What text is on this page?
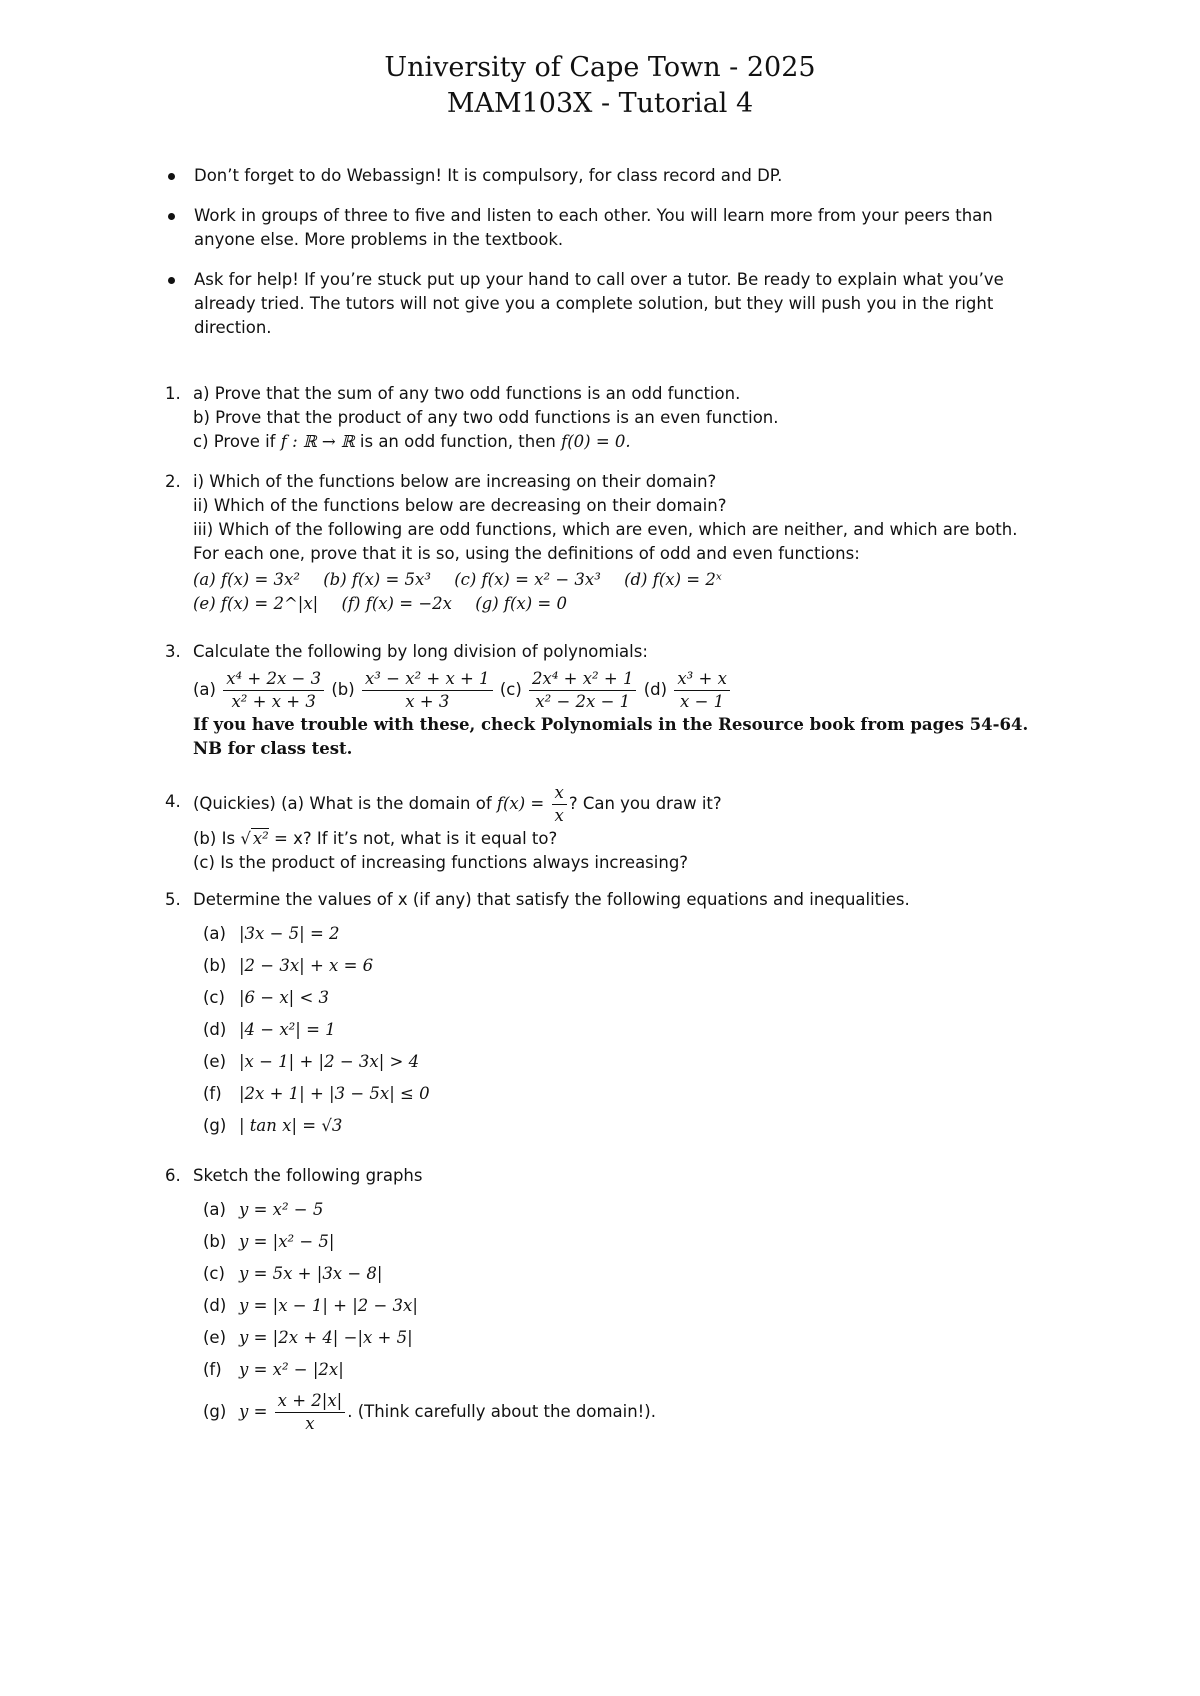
University of Cape Town - 2025
MAM103X - Tutorial 4
Don’t forget to do Webassign! It is compulsory, for class record and DP.
Work in groups of three to five and listen to each other. You will learn more from your peers than anyone else. More problems in the textbook.
Ask for help! If you’re stuck put up your hand to call over a tutor. Be ready to explain what you’ve already tried. The tutors will not give you a complete solution, but they will push you in the right direction.
1. a) Prove that the sum of any two odd functions is an odd function.
b) Prove that the product of any two odd functions is an even function.
c) Prove if f : ℝ → ℝ is an odd function, then f(0) = 0.
2. i) Which of the functions below are increasing on their domain?
ii) Which of the functions below are decreasing on their domain?
iii) Which of the following are odd functions, which are even, which are neither, and which are both. For each one, prove that it is so, using the definitions of odd and even functions:
(a) f(x) = 3x² (b) f(x) = 5x³ (c) f(x) = x² − 3x³ (d) f(x) = 2ˣ
(e) f(x) = 2^|x| (f) f(x) = −2x (g) f(x) = 0
3. Calculate the following by long division of polynomials:
$(a) \frac{\text{x⁴ + 2x − 3}}{\text{x² + x + 3}} (b) \frac{\text{x³ − x² + x + 1}}{x + 3} (c) \frac{\text{2x⁴ + x² + 1}}{\text{x² − 2x − 1}} (d) \frac{\text{x³ + x}}{x - 1}$
If you have trouble with these, check Polynomials in the Resource book from pages 54-64. NB for class test.
4. (Quickies) (a) What is the domain of $f(x) = \frac{x}{x}$ ? Can you draw it?
(b) Is √ x² = x? If it’s not, what is it equal to?
(c) Is the product of increasing functions always increasing?
5. Determine the values of x (if any) that satisfy the following equations and inequalities.
(a) |3x − 5| = 2
(b) |2 − 3x| + x = 6
(c) |6 − x| < 3
(d) |4 − x²| = 1
(e) |x − 1| + |2 − 3x| > 4
(f) |2x + 1| + |3 − 5x| ≤ 0
(g) | tan x| = √3
6. Sketch the following graphs
(a) y = x² − 5
(b) y = |x² − 5|
(c) y = 5x + |3x − 8|
(d) y = |x − 1| + |2 − 3x|
(e) y = |2x + 4| −|x + 5|
(f) y = x² − |2x|
(g) $y = \frac{x + 2|x|}{x}$ . (Think carefully about the domain!).
